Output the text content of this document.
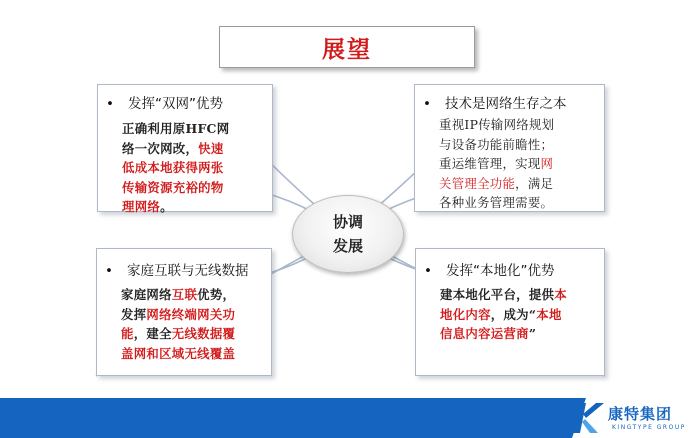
展望
• 发挥“双网”优势
正确利用原HFC网
络一次网改，快速
低成本地获得两张
传输资源充裕的物
理网络。
• 技术是网络生存之本
重视IP传输网络规划
与设备功能前瞻性；
重运维管理，实现网
关管理全功能，满足
各种业务管理需要。
• 家庭互联与无线数据
家庭网络互联优势，
发挥网络终端网关功
能，建全无线数据覆
盖网和区域无线覆盖
• 发挥“本地化”优势
建本地化平台，提供本
地化内容，成为“本地
信息内容运营商”
协调
发展
康特集团
KINGTYPE GROUP
